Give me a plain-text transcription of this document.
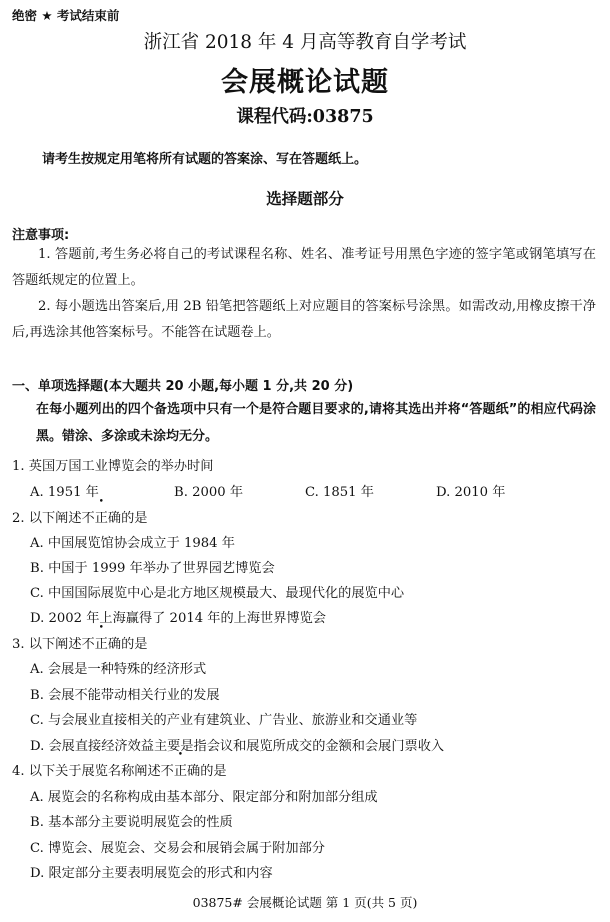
绝密 ★ 考试结束前
浙江省 2018 年 4 月高等教育自学考试
会展概论试题
课程代码:03875
请考生按规定用笔将所有试题的答案涂、写在答题纸上。
选择题部分
注意事项:
1. 答题前,考生务必将自己的考试课程名称、姓名、准考证号用黑色字迹的签字笔或钢笔填写在答题纸规定的位置上。
2. 每小题选出答案后,用 2B 铅笔把答题纸上对应题目的答案标号涂黑。如需改动,用橡皮擦干净后,再选涂其他答案标号。不能答在试题卷上。
一、单项选择题(本大题共 20 小题,每小题 1 分,共 20 分)
在每小题列出的四个备选项中只有一个是符合题目要求的,请将其选出并将“答题纸”的相应代码涂黑。错涂、多涂或未涂均无分。
1. 英国万国工业博览会的举办时间
A. 1951 年	B. 2000 年	C. 1851 年	D. 2010 年
2. 以下阐述不正确的是
A. 中国展览馆协会成立于 1984 年
B. 中国于 1999 年举办了世界园艺博览会
C. 中国国际展览中心是北方地区规模最大、最现代化的展览中心
D. 2002 年上海赢得了 2014 年的上海世界博览会
3. 以下阐述不正确的是
A. 会展是一种特殊的经济形式
B. 会展不能带动相关行业的发展
C. 与会展业直接相关的产业有建筑业、广告业、旅游业和交通业等
D. 会展直接经济效益主要是指会议和展览所成交的金额和会展门票收入
4. 以下关于展览名称阐述不正确的是
A. 展览会的名称构成由基本部分、限定部分和附加部分组成
B. 基本部分主要说明展览会的性质
C. 博览会、展览会、交易会和展销会属于附加部分
D. 限定部分主要表明展览会的形式和内容
03875# 会展概论试题 第 1 页(共 5 页)
